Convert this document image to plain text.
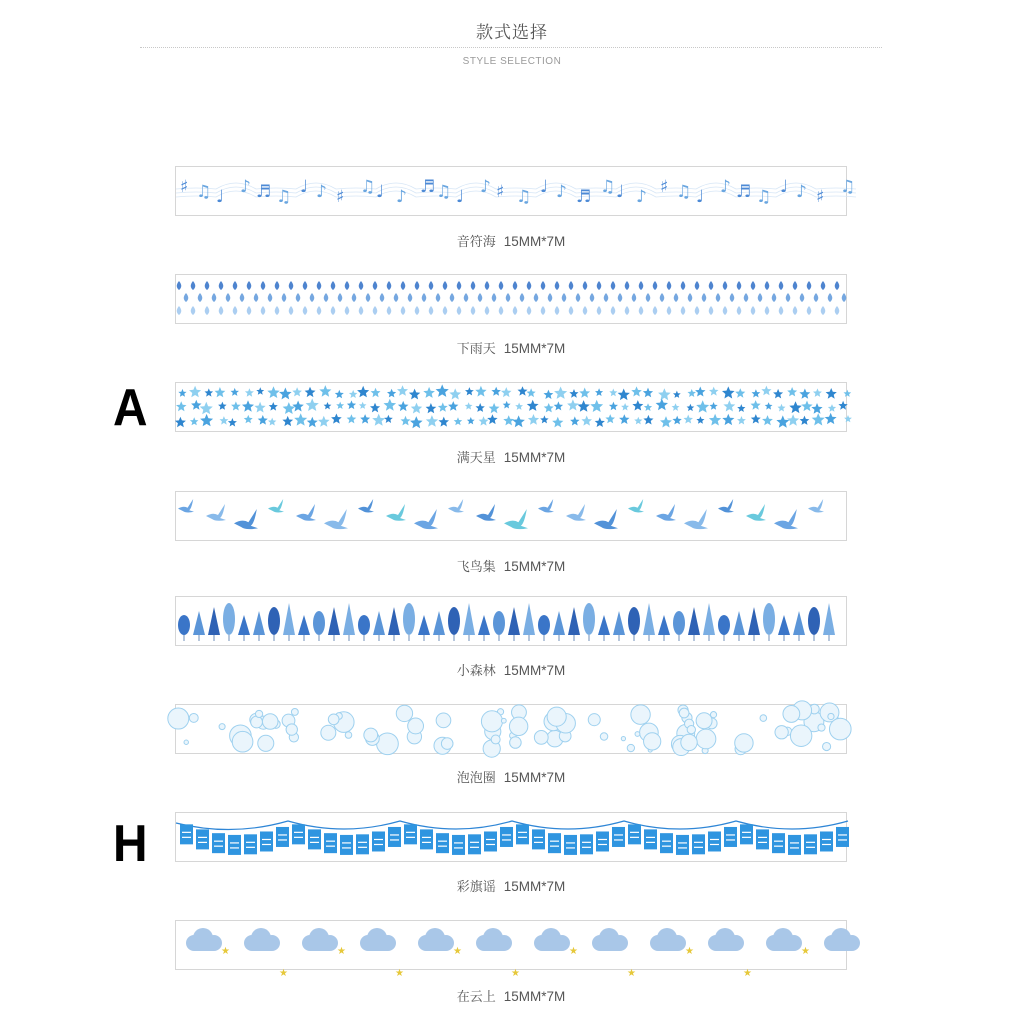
款式选择
STYLE SELECTION
A
H
♯ ♫ ♩ ♪ ♬ ♫ ♩ ♪ ♯ ♫ ♩ ♪ ♬ ♫ ♩ ♪ ♯ ♫ ♩ ♪ ♬ ♫ ♩ ♪ ♯ ♫ ♩ ♪ ♬ ♫ ♩ ♪ ♯ ♫
音符海 15MM*7M
下雨天 15MM*7M
满天星 15MM*7M
飞鸟集 15MM*7M
小森林 15MM*7M
泡泡圈 15MM*7M
彩旗谣 15MM*7M
★
★
★
★
★
★
★
★
★
★
★
在云上 15MM*7M
